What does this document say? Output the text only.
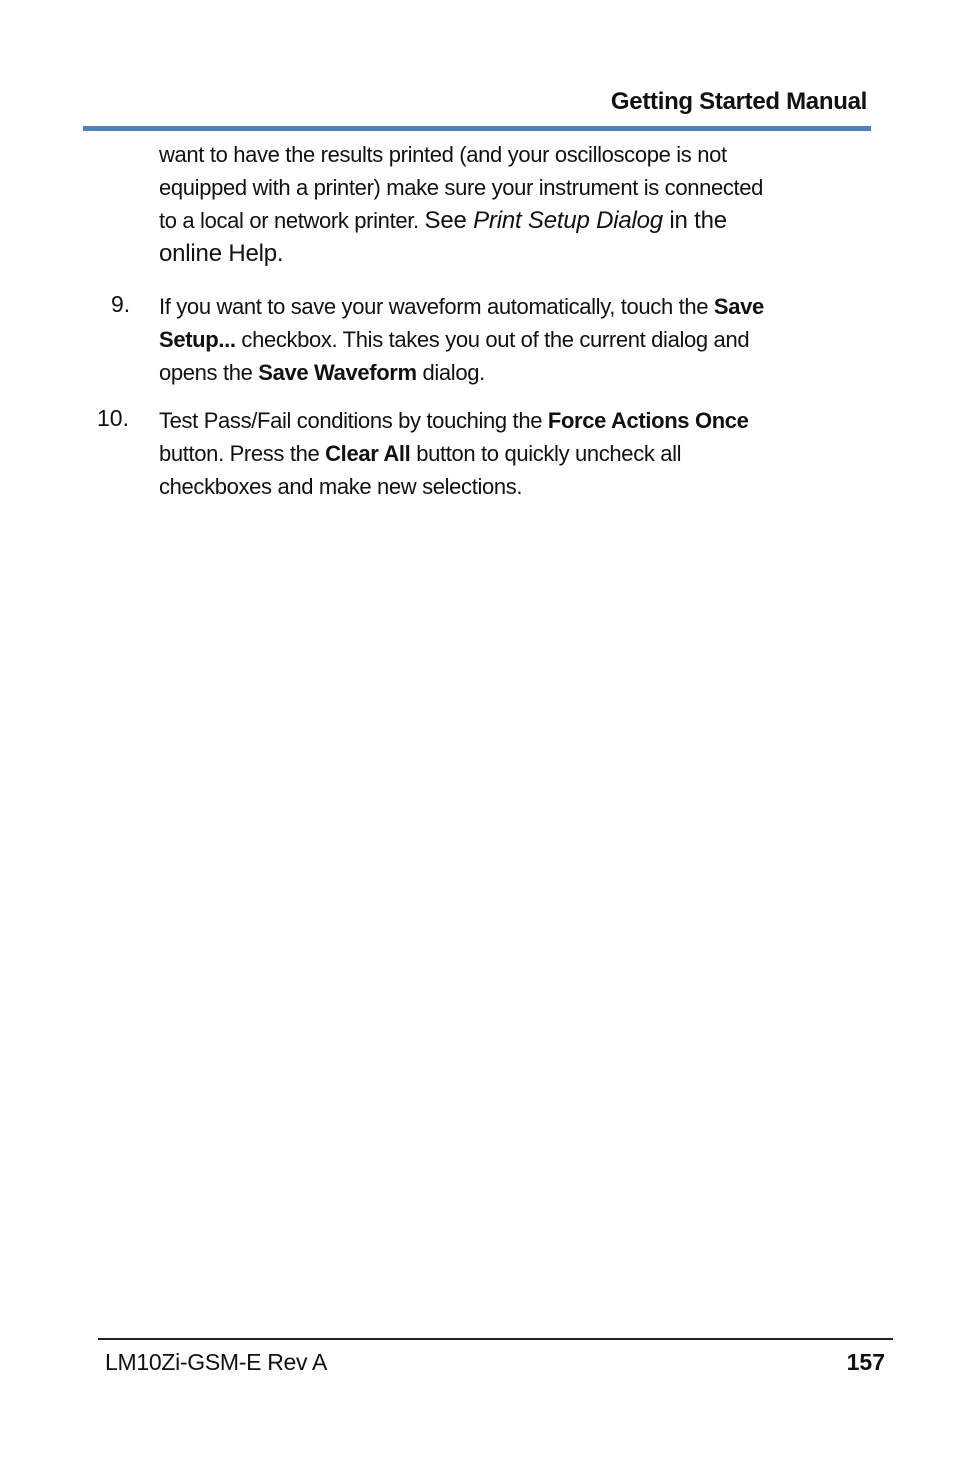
Getting Started Manual
want to have the results printed (and your oscilloscope is not
equipped with a printer) make sure your instrument is connected
to a local or network printer. See Print Setup Dialog in the
online Help.
9. If you want to save your waveform automatically, touch the Save
Setup... checkbox. This takes you out of the current dialog and
opens the Save Waveform dialog.
10. Test Pass/Fail conditions by touching the Force Actions Once
button. Press the Clear All button to quickly uncheck all
checkboxes and make new selections.
LM10Zi-GSM-E Rev A	157
